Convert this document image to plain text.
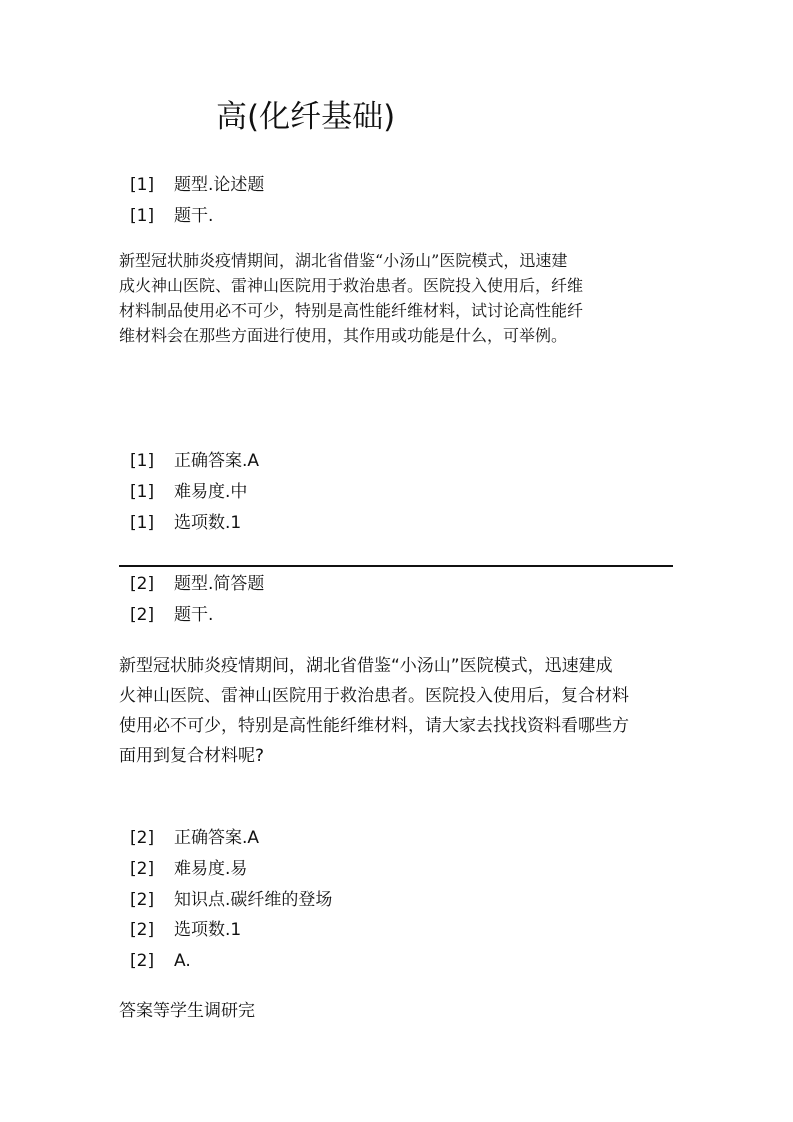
高(化纤基础)
[1] 题型.论述题
[1] 题干.
新型冠状肺炎疫情期间，湖北省借鉴“小汤山”医院模式，迅速建
成火神山医院、雷神山医院用于救治患者。医院投入使用后，纤维
材料制品使用必不可少，特别是高性能纤维材料，试讨论高性能纤
维材料会在那些方面进行使用，其作用或功能是什么，可举例。
[1] 正确答案.A
[1] 难易度.中
[1] 选项数.1
[2] 题型.简答题
[2] 题干.
新型冠状肺炎疫情期间，湖北省借鉴“小汤山”医院模式，迅速建成
火神山医院、雷神山医院用于救治患者。医院投入使用后，复合材料
使用必不可少，特别是高性能纤维材料，请大家去找找资料看哪些方
面用到复合材料呢?
[2] 正确答案.A
[2] 难易度.易
[2] 知识点.碳纤维的登场
[2] 选项数.1
[2] A.
答案等学生调研完
